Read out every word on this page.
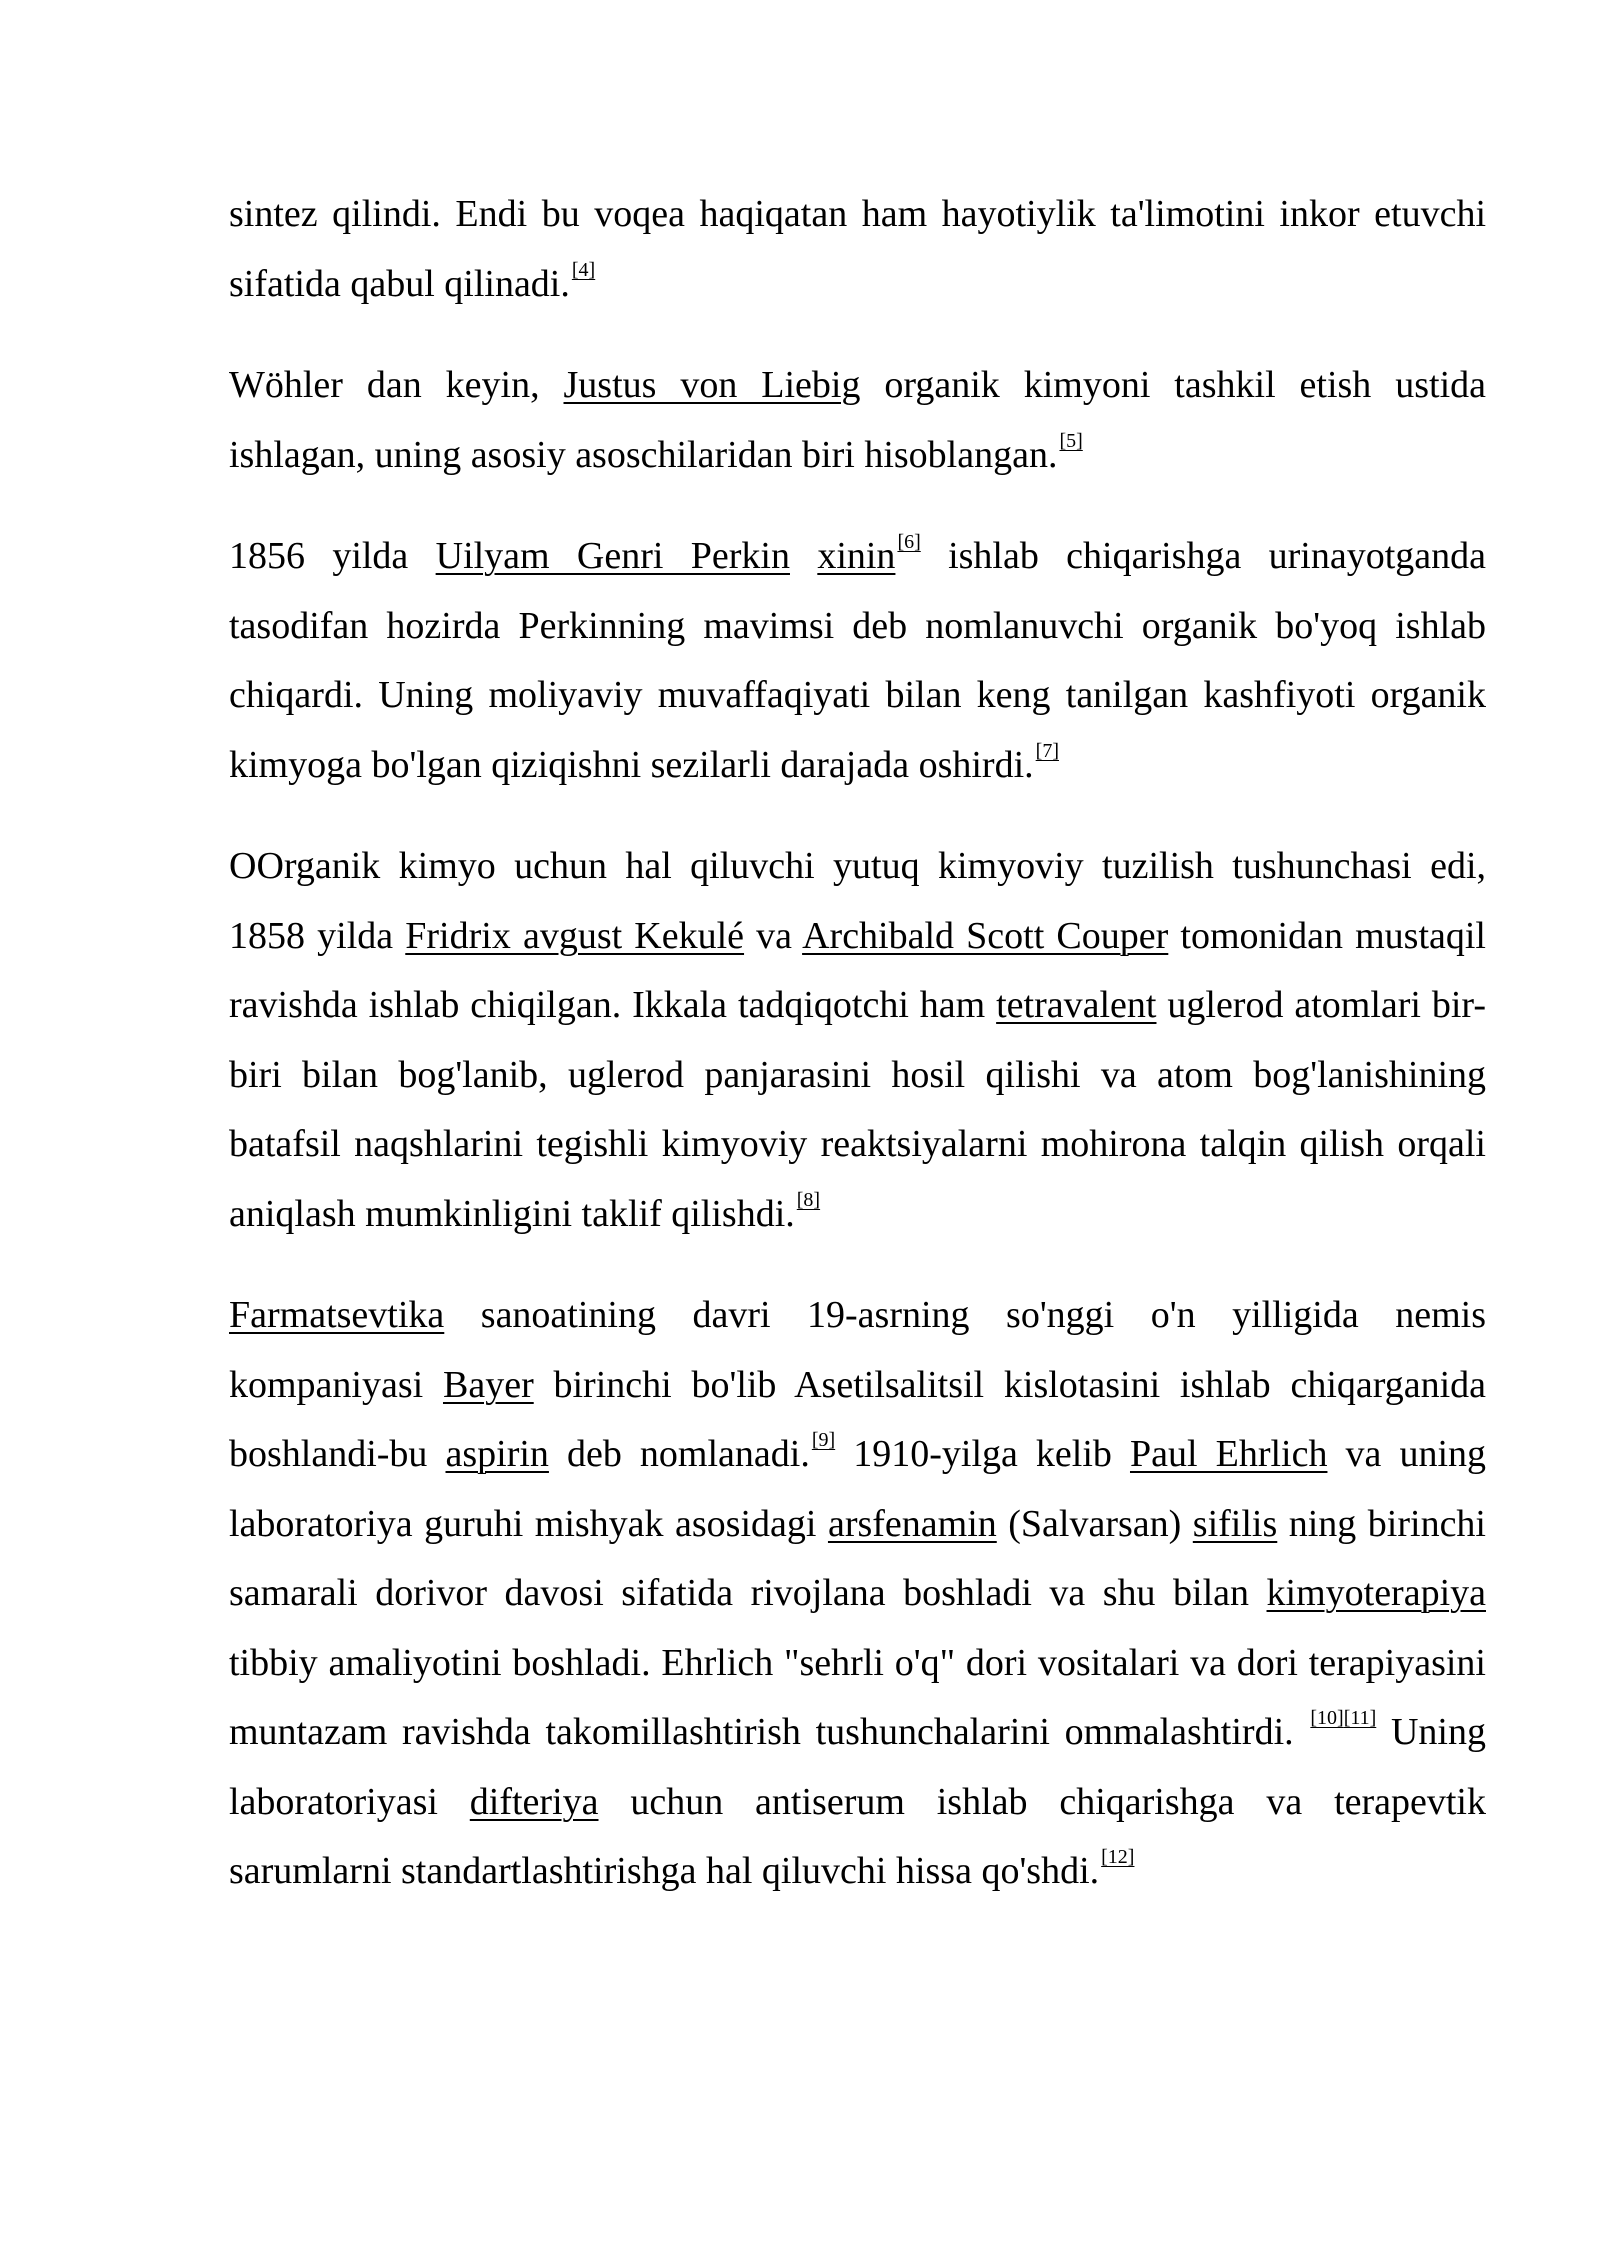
sintez qilindi. Endi bu voqea haqiqatan ham hayotiylik ta'limotini inkor etuvchi sifatida qabul qilinadi. [4]

Wöhler dan keyin, Justus von Liebig organik kimyoni tashkil etish ustida ishlagan, uning asosiy asoschilaridan biri hisoblangan. [5]

1856 yilda Uilyam Genri Perkin xinin [6] ishlab chiqarishga urinayotganda tasodifan hozirda Perkinning mavimsi deb nomlanuvchi organik bo'yoq ishlab chiqardi. Uning moliyaviy muvaffaqiyati bilan keng tanilgan kashfiyoti organik kimyoga bo'lgan qiziqishni sezilarli darajada oshirdi. [7]

OOrganik kimyo uchun hal qiluvchi yutuq kimyoviy tuzilish tushunchasi edi, 1858 yilda Fridrix avgust Kekulé va Archibald Scott Couper tomonidan mustaqil ravishda ishlab chiqilgan. Ikkala tadqiqotchi ham tetravalent uglerod atomlari bir-biri bilan bog'lanib, uglerod panjarasini hosil qilishi va atom bog'lanishining batafsil naqshlarini tegishli kimyoviy reaktsiyalarni mohirona talqin qilish orqali aniqlash mumkinligini taklif qilishdi. [8]

Farmatsevtika sanoatining davri 19-asrning so'nggi o'n yilligida nemis kompaniyasi Bayer birinchi bo'lib Asetilsalitsil kislotasini ishlab chiqarganida boshlandi-bu aspirin deb nomlanadi. [9] 1910-yilga kelib Paul Ehrlich va uning laboratoriya guruhi mishyak asosidagi arsfenamin (Salvarsan) sifilis ning birinchi samarali dorivor davosi sifatida rivojlana boshladi va shu bilan kimyoterapiya tibbiy amaliyotini boshladi. Ehrlich "sehrli o'q" dori vositalari va dori terapiyasini muntazam ravishda takomillashtirish tushunchalarini ommalashtirdi. [10][11] Uning laboratoriyasi difteriya uchun antiserum ishlab chiqarishga va terapevtik sarumlarni standartlashtirishga hal qiluvchi hissa qo'shdi. [12]
